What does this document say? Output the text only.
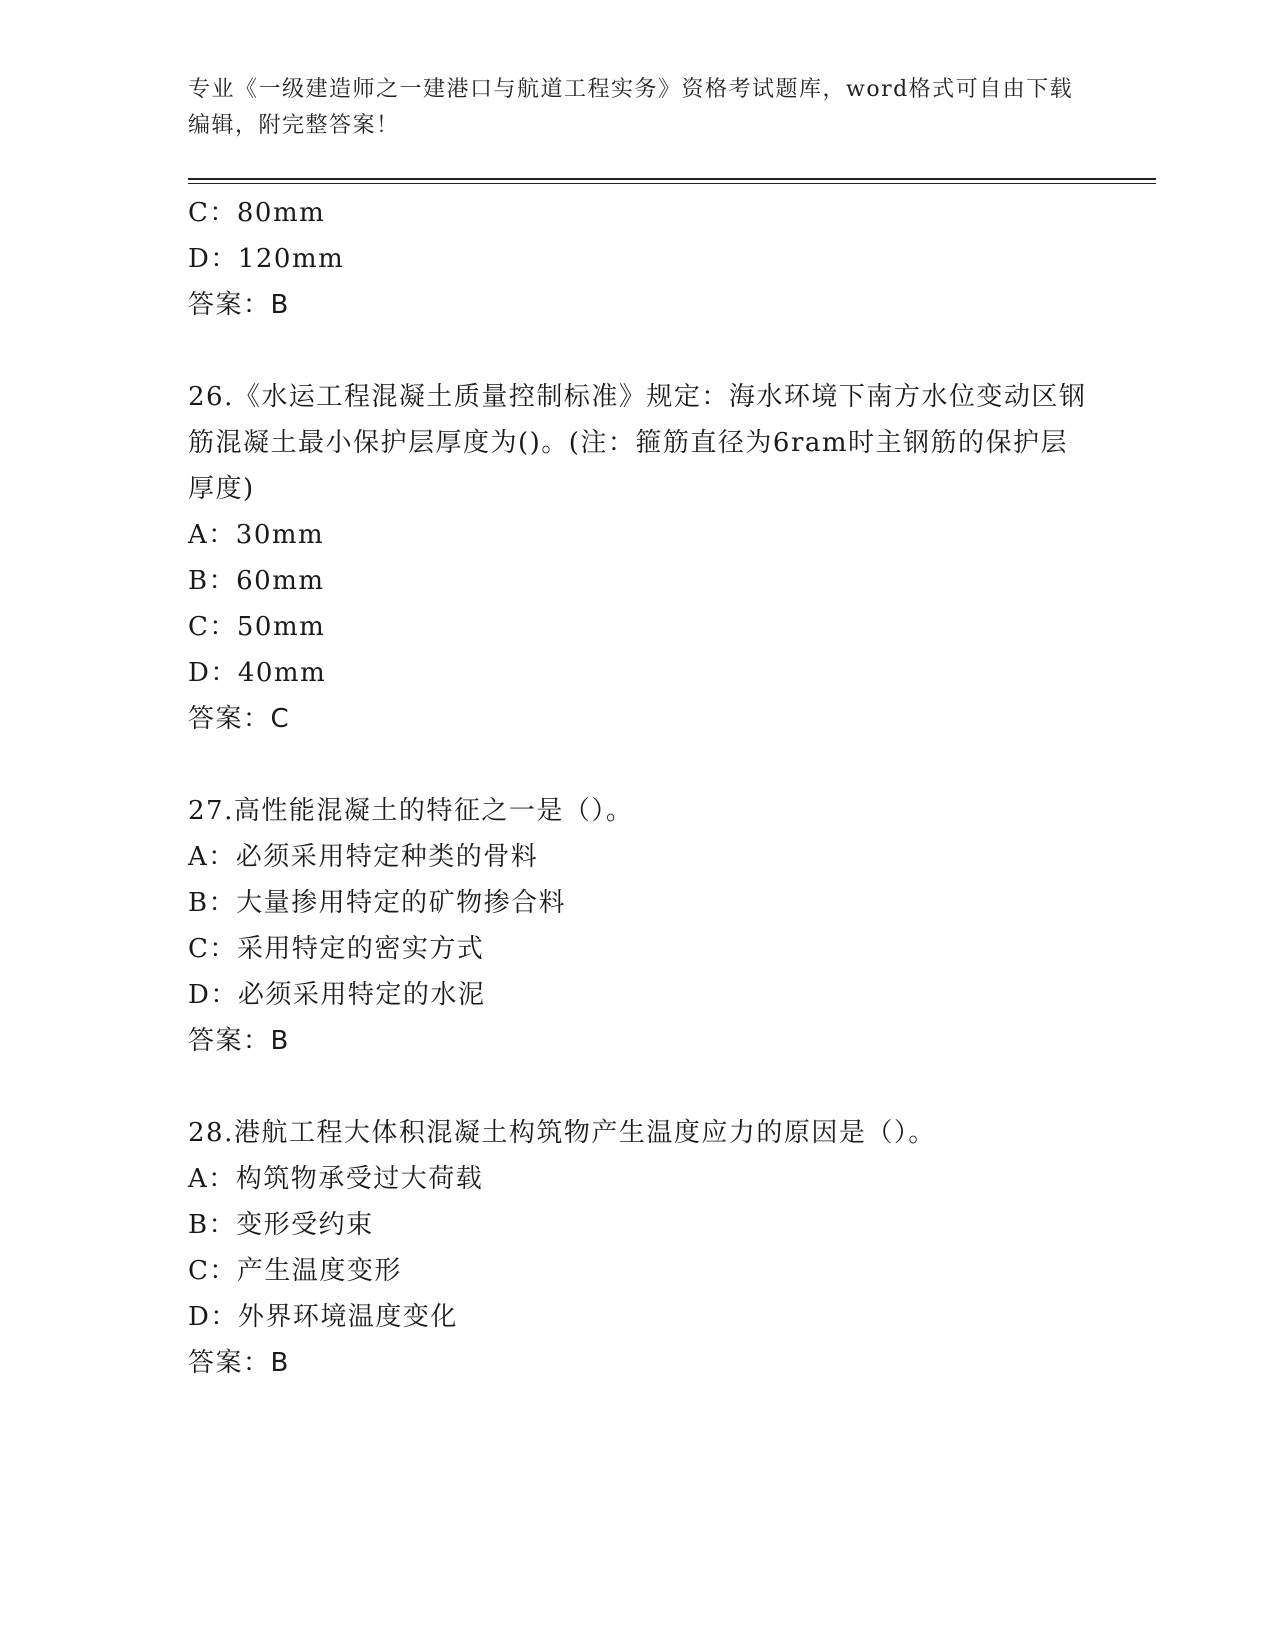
专业《一级建造师之一建港口与航道工程实务》资格考试题库，word格式可自由下载编辑，附完整答案！
C：80mm
D：120mm
答案：B
26.《水运工程混凝土质量控制标准》规定：海水环境下南方水位变动区钢筋混凝土最小保护层厚度为()。(注：箍筋直径为6ram时主钢筋的保护层厚度)
A：30mm
B：60mm
C：50mm
D：40mm
答案：C
27.高性能混凝土的特征之一是（）。
A：必须采用特定种类的骨料
B：大量掺用特定的矿物掺合料
C：采用特定的密实方式
D：必须采用特定的水泥
答案：B
28.港航工程大体积混凝土构筑物产生温度应力的原因是（）。
A：构筑物承受过大荷载
B：变形受约束
C：产生温度变形
D：外界环境温度变化
答案：B
